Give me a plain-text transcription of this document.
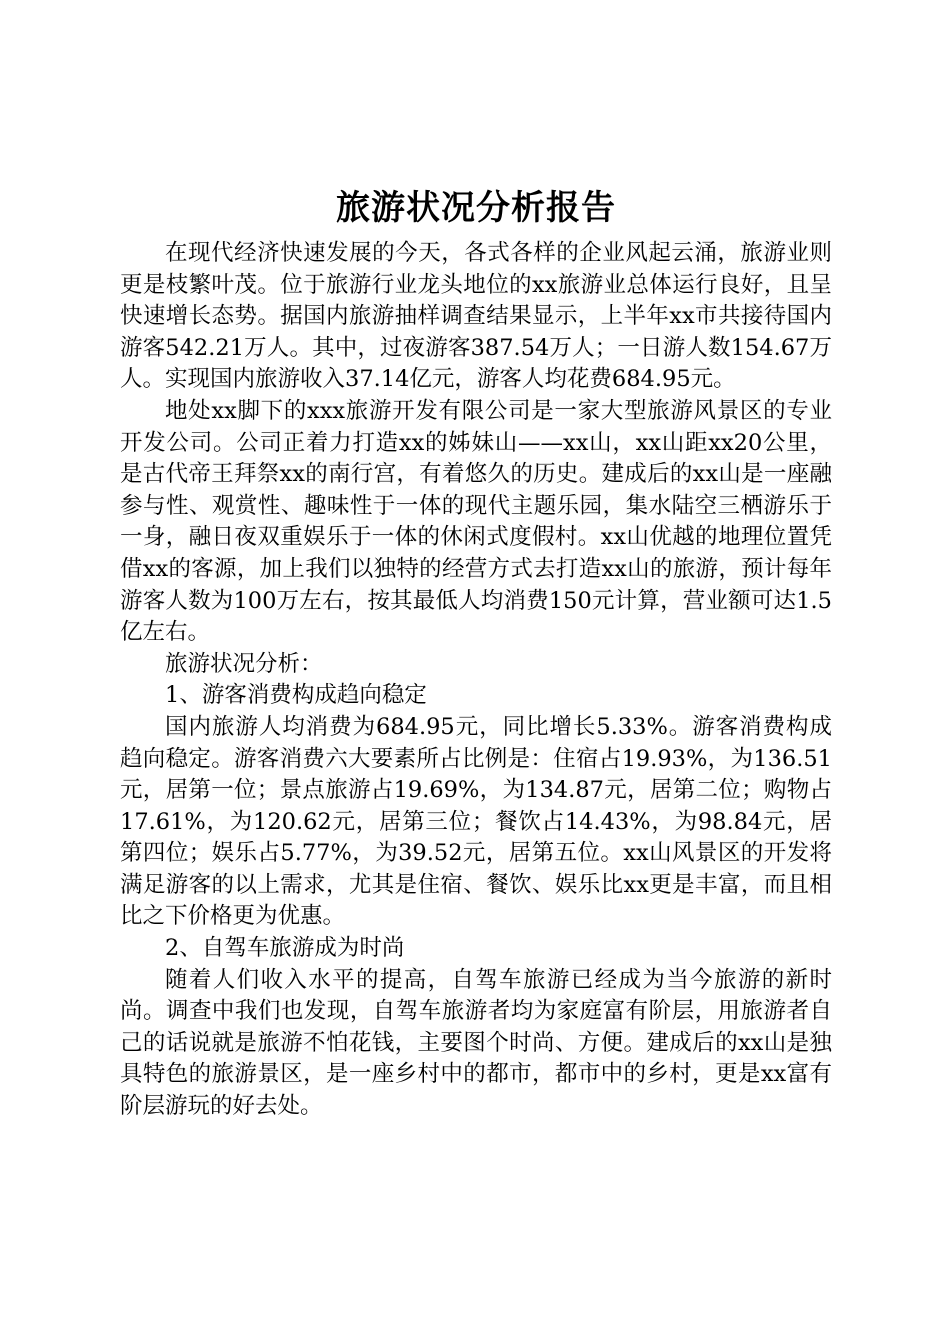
旅游状况分析报告

在现代经济快速发展的今天，各式各样的企业风起云涌，旅游业则更是枝繁叶茂。位于旅游行业龙头地位的xx旅游业总体运行良好，且呈快速增长态势。据国内旅游抽样调查结果显示，上半年xx市共接待国内游客542.21万人。其中，过夜游客387.54万人；一日游人数154.67万人。实现国内旅游收入37.14亿元，游客人均花费684.95元。

地处xx脚下的xxx旅游开发有限公司是一家大型旅游风景区的专业开发公司。公司正着力打造xx的姊妹山——xx山，xx山距xx20公里，是古代帝王拜祭xx的南行宫，有着悠久的历史。建成后的xx山是一座融参与性、观赏性、趣味性于一体的现代主题乐园，集水陆空三栖游乐于一身，融日夜双重娱乐于一体的休闲式度假村。xx山优越的地理位置凭借xx的客源，加上我们以独特的经营方式去打造xx山的旅游，预计每年游客人数为100万左右，按其最低人均消费150元计算，营业额可达1.5亿左右。

旅游状况分析：

1、游客消费构成趋向稳定

国内旅游人均消费为684.95元，同比增长5.33%。游客消费构成趋向稳定。游客消费六大要素所占比例是：住宿占19.93%，为136.51元，居第一位；景点旅游占19.69%，为134.87元，居第二位；购物占17.61%，为120.62元，居第三位；餐饮占14.43%，为98.84元，居第四位；娱乐占5.77%，为39.52元，居第五位。xx山风景区的开发将满足游客的以上需求，尤其是住宿、餐饮、娱乐比xx更是丰富，而且相比之下价格更为优惠。

2、自驾车旅游成为时尚

随着人们收入水平的提高，自驾车旅游已经成为当今旅游的新时尚。调查中我们也发现，自驾车旅游者均为家庭富有阶层，用旅游者自己的话说就是旅游不怕花钱，主要图个时尚、方便。建成后的xx山是独具特色的旅游景区，是一座乡村中的都市，都市中的乡村，更是xx富有阶层游玩的好去处。
